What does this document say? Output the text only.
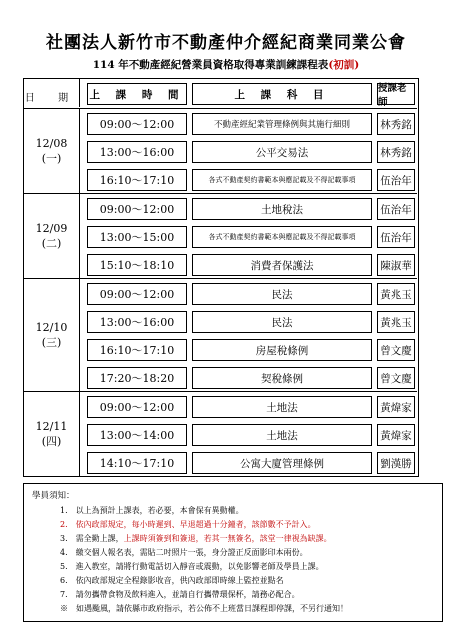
社團法人新竹市不動產仲介經紀商業同業公會
114 年不動產經紀營業員資格取得專業訓練課程表(初訓)
日 期 上 課 時 間	上 課 科 目	授課老師
12/08
(一)
09:00～12:00	不動產經紀業管理條例與其施行細則	林秀銘
13:00～16:00	公平交易法	林秀銘
16:10～17:10	各式不動產契約書範本與應記載及不得記載事項	伍治年
12/09
(二)
09:00～12:00	土地稅法	伍治年
13:00～15:00	各式不動產契約書範本與應記載及不得記載事項	伍治年
15:10～18:10	消費者保護法	陳淑華
12/10
(三)
09:00～12:00	民法	黃兆玉
13:00～16:00	民法	黃兆玉
16:10～17:10	房屋稅條例	曾文慶
17:20～18:20	契稅條例	曾文慶
12/11
(四)
09:00～12:00	土地法	黃煒家
13:00～14:00	土地法	黃煒家
14:10～17:10	公寓大廈管理條例	劉漢勝
學員須知：
1.　以上為預計上課表，若必要，本會保有異動權。
2.　依內政部規定，每小時遲到、早退超過十分鐘者，該節數不予計入。
3.　需全勤上課，上課時須簽到和簽退，若其一無簽名，該堂一律視為缺課。
4.　繳交個人報名表，需貼二吋照片一張，身分證正反面影印本兩份。
5.　進入教室，請將行動電話切入靜音或震動，以免影響老師及學員上課。
6.　依內政部規定全程錄影收音，供內政部即時線上監控並點名
7.　請勿攜帶食物及飲料進入，並請自行攜帶環保杯，請務必配合。
※　如遇颱風，請依縣市政府指示，若公佈不上班當日課程即停課，不另行通知！
